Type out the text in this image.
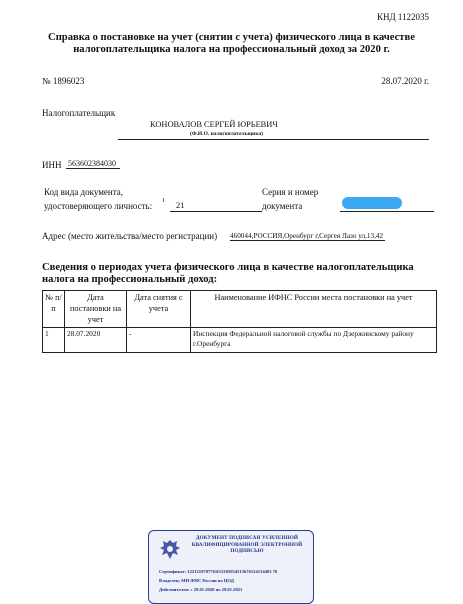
КНД 1122035
Справка о постановке на учет (снятии с учета) физического лица в качестве налогоплательщика налога на профессиональный доход за 2020 г.
№ 1896023	28.07.2020 г.
Налогоплательщик
КОНОВАЛОВ СЕРГЕЙ ЮРЬЕВИЧ
(Ф.И.О. налогоплательщика)
ИНН 563602384030
Код вида документа,
удостоверяющего личность: 1 21
Серия и номер
документа
Адрес (место жительства/место регистрации) 460044,РОССИЯ,Оренбург г,Сергея Лазо ул,13,42
Сведения о периодах учета физического лица в качестве налогоплательщика налога на профессиональный доход:
№ п/п	Дата постановки на учет	Дата снятия с учета	Наименование ИФНС России места постановки на учет
1	28.07.2020	-	Инспекция Федеральной налоговой службы по Дзержинскому району г.Оренбурга
ДОКУМЕНТ ПОДПИСАН УСИЛЕННОЙ КВАЛИФИЦИРОВАННОЙ ЭЛЕКТРОННОЙ ПОДПИСЬЮ
Сертификат: 1221219707761f15205054513676124134403 76
Владелец: МИ ФНС России по ЦОД
Действителен: с 29.01.2020 по 29.01.2021
